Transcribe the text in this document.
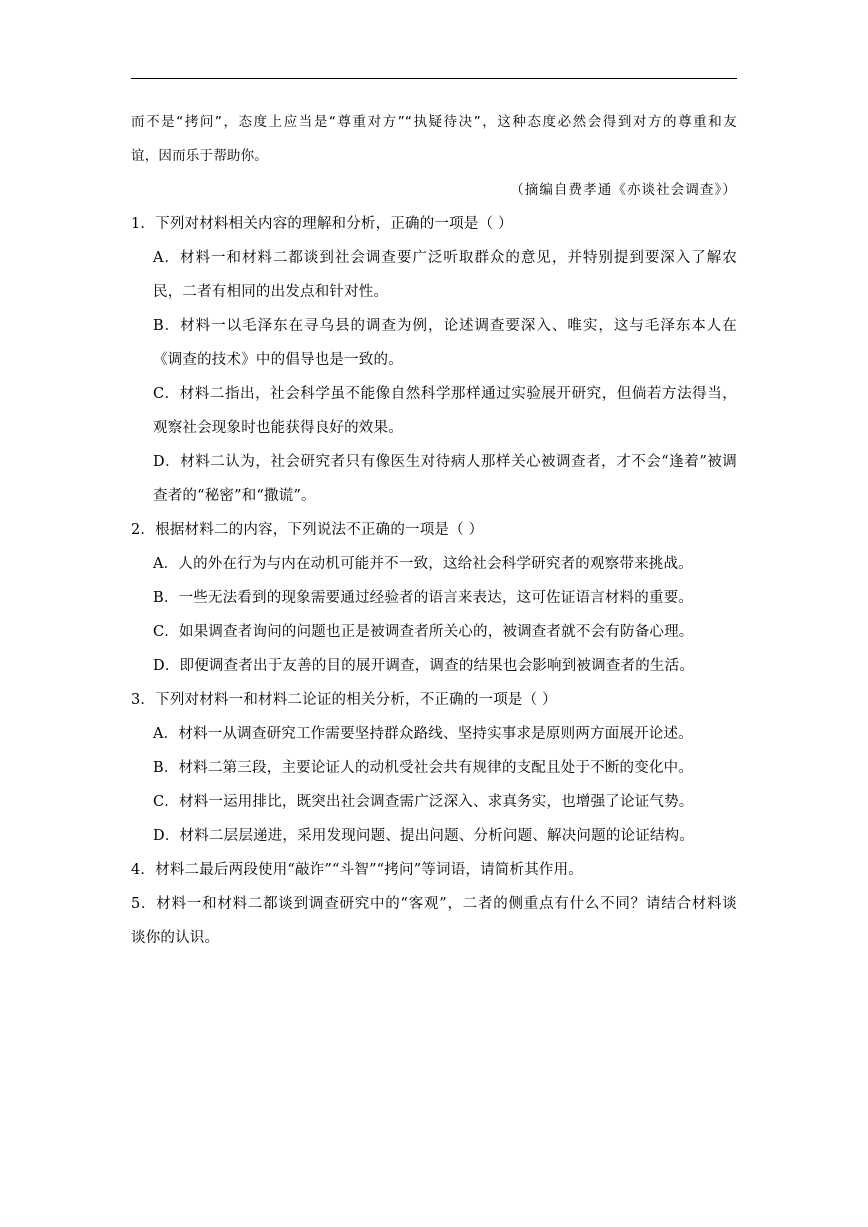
而不是“拷问”，态度上应当是“尊重对方”“执疑待决”，这种态度必然会得到对方的尊重和友
谊，因而乐于帮助你。
（摘编自费孝通《亦谈社会调查》）
1．下列对材料相关内容的理解和分析，正确的一项是（ ）
A．材料一和材料二都谈到社会调查要广泛听取群众的意见，并特别提到要深入了解农
民，二者有相同的出发点和针对性。
B．材料一以毛泽东在寻乌县的调查为例，论述调查要深入、唯实，这与毛泽东本人在
《调查的技术》中的倡导也是一致的。
C．材料二指出，社会科学虽不能像自然科学那样通过实验展开研究，但倘若方法得当，
观察社会现象时也能获得良好的效果。
D．材料二认为，社会研究者只有像医生对待病人那样关心被调查者，才不会“逢着”被调
查者的“秘密”和“撒谎”。
2．根据材料二的内容，下列说法不正确的一项是（ ）
A．人的外在行为与内在动机可能并不一致，这给社会科学研究者的观察带来挑战。
B．一些无法看到的现象需要通过经验者的语言来表达，这可佐证语言材料的重要。
C．如果调查者询问的问题也正是被调查者所关心的，被调查者就不会有防备心理。
D．即便调查者出于友善的目的展开调查，调查的结果也会影响到被调查者的生活。
3．下列对材料一和材料二论证的相关分析，不正确的一项是（ ）
A．材料一从调查研究工作需要坚持群众路线、坚持实事求是原则两方面展开论述。
B．材料二第三段，主要论证人的动机受社会共有规律的支配且处于不断的变化中。
C．材料一运用排比，既突出社会调查需广泛深入、求真务实，也增强了论证气势。
D．材料二层层递进，采用发现问题、提出问题、分析问题、解决问题的论证结构。
4．材料二最后两段使用“敲诈”“斗智”“拷问”等词语，请简析其作用。
5．材料一和材料二都谈到调查研究中的“客观”，二者的侧重点有什么不同？请结合材料谈
谈你的认识。
